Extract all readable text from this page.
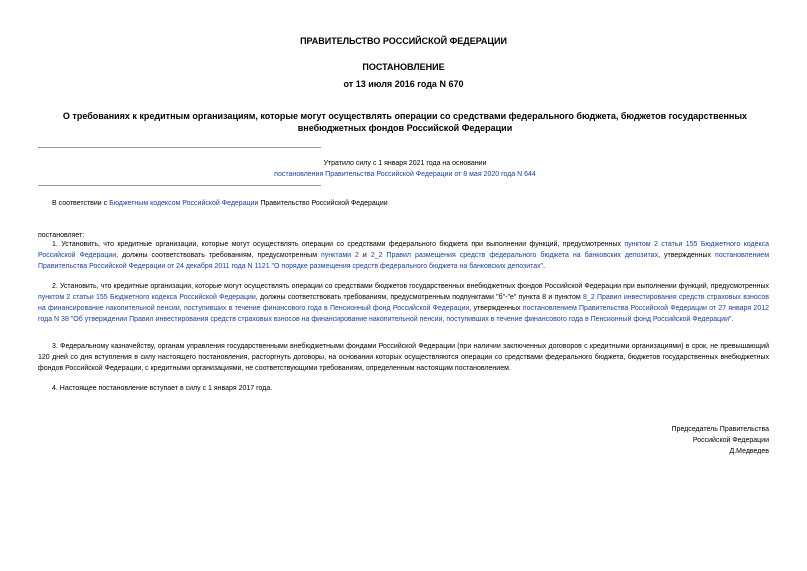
ПРАВИТЕЛЬСТВО РОССИЙСКОЙ ФЕДЕРАЦИИ
ПОСТАНОВЛЕНИЕ
от 13 июля 2016 года N 670
О требованиях к кредитным организациям, которые могут осуществлять операции со средствами федерального бюджета, бюджетов государственных внебюджетных фондов Российской Федерации
Утратило силу с 1 января 2021 года на основании
постановления Правительства Российской Федерации от 8 мая 2020 года N 644
В соответствии с Бюджетным кодексом Российской Федерации Правительство Российской Федерации
постановляет:
1. Установить, что кредитные организации, которые могут осуществлять операции со средствами федерального бюджета при выполнении функций, предусмотренных пунктом 2 статьи 155 Бюджетного кодекса Российской Федерации, должны соответствовать требованиям, предусмотренным пунктами 2 и 2_2 Правил размещения средств федерального бюджета на банковских депозитах, утвержденных постановлением Правительства Российской Федерации от 24 декабря 2011 года N 1121 "О порядке размещения средств федерального бюджета на банковских депозитах".
2. Установить, что кредитные организации, которые могут осуществлять операции со средствами бюджетов государственных внебюджетных фондов Российской Федерации при выполнении функций, предусмотренных пунктом 2 статьи 155 Бюджетного кодекса Российской Федерации, должны соответствовать требованиям, предусмотренным подпунктами "б"-"е" пункта 8 и пунктом 8_2 Правил инвестирования средств страховых взносов на финансирование накопительной пенсии, поступивших в течение финансового года в Пенсионный фонд Российской Федерации, утвержденных постановлением Правительства Российской Федерации от 27 января 2012 года N 38 "Об утверждении Правил инвестирования средств страховых взносов на финансирование накопительной пенсии, поступивших в течение финансового года в Пенсионный фонд Российской Федерации".
3. Федеральному казначейству, органам управления государственными внебюджетными фондами Российской Федерации (при наличии заключенных договоров с кредитными организациями) в срок, не превышающий 120 дней со дня вступления в силу настоящего постановления, расторгнуть договоры, на основании которых осуществляются операции со средствами федерального бюджета, бюджетов государственных внебюджетных фондов Российской Федерации, с кредитными организациями, не соответствующими требованиям, определенным настоящим постановлением.
4. Настоящее постановление вступает в силу с 1 января 2017 года.
Председатель Правительства
Российской Федерации
Д.Медведев
